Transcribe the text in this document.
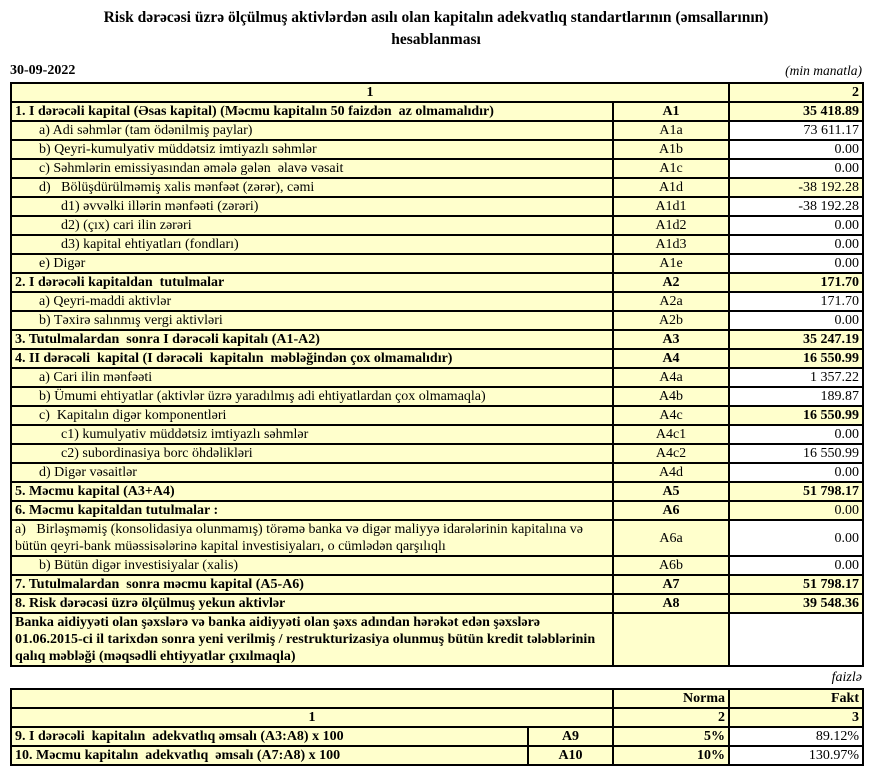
Risk dərəcəsi üzrə ölçülmuş aktivlərdən asılı olan kapitalın adekvatlıq standartlarının (əmsallarının)
hesablanması
30-09-2022	(min manatla)
1		2
1. I dərəcəli kapital (Əsas kapital) (Məcmu kapitalın 50 faizdən  az olmamalıdır)	A1	35 418.89
a) Adi səhmlər (tam ödənilmiş paylar)	A1a	73 611.17
b) Qeyri-kumulyativ müddətsiz imtiyazlı səhmlər	A1b	0.00
c) Səhmlərin emissiyasından əmələ gələn  əlavə vəsait	A1c	0.00
d)   Bölüşdürülməmiş xalis mənfəət (zərər), cəmi	A1d	-38 192.28
d1) əvvəlki illərin mənfəəti (zərəri)	A1d1	-38 192.28
d2) (çıx) cari ilin zərəri	A1d2	0.00
d3) kapital ehtiyatları (fondları)	A1d3	0.00
e) Digər	A1e	0.00
2. I dərəcəli kapitaldan  tutulmalar	A2	171.70
a) Qeyri-maddi aktivlər	A2a	171.70
b) Təxirə salınmış vergi aktivləri	A2b	0.00
3. Tutulmalardan  sonra I dərəcəli kapitalı (A1-A2)	A3	35 247.19
4. II dərəcəli  kapital (I dərəcəli  kapitalın  məbləğindən çox olmamalıdır)	A4	16 550.99
a) Cari ilin mənfəəti	A4a	1 357.22
b) Ümumi ehtiyatlar (aktivlər üzrə yaradılmış adi ehtiyatlardan çox olmamaqla)	A4b	189.87
c)  Kapitalın digər komponentləri	A4c	16 550.99
c1) kumulyativ müddətsiz imtiyazlı səhmlər	A4c1	0.00
c2) subordinasiya borc öhdəlikləri	A4c2	16 550.99
d) Digər vəsaitlər	A4d	0.00
5. Məcmu kapital (A3+A4)	A5	51 798.17
6. Məcmu kapitaldan tutulmalar :	A6	0.00
a)   Birləşməmiş (konsolidasiya olunmamış) törəmə banka və digər maliyyə idarələrinin kapitalına və bütün qeyri-bank müəssisələrinə kapital investisiyaları, o cümlədən qarşılıqlı	A6a	0.00
b) Bütün digər investisiyalar (xalis)	A6b	0.00
7. Tutulmalardan  sonra məcmu kapital (A5-A6)	A7	51 798.17
8. Risk dərəcəsi üzrə ölçülmuş yekun aktivlər	A8	39 548.36
Banka aidiyyəti olan şəxslərə və banka aidiyyəti olan şəxs adından hərəkət edən şəxslərə 01.06.2015-ci il tarixdən sonra yeni verilmiş / restrukturizasiya olunmuş bütün kredit tələblərinin qalıq məbləği (məqsədli ehtiyyatlar çıxılmaqla)		
faizlə
		Norma	Fakt
1		2	3
9. I dərəcəli  kapitalın  adekvatlıq əmsalı (A3:A8) x 100	A9	5%	89.12%
10. Məcmu kapitalın  adekvatlıq  əmsalı (A7:A8) x 100	A10	10%	130.97%
